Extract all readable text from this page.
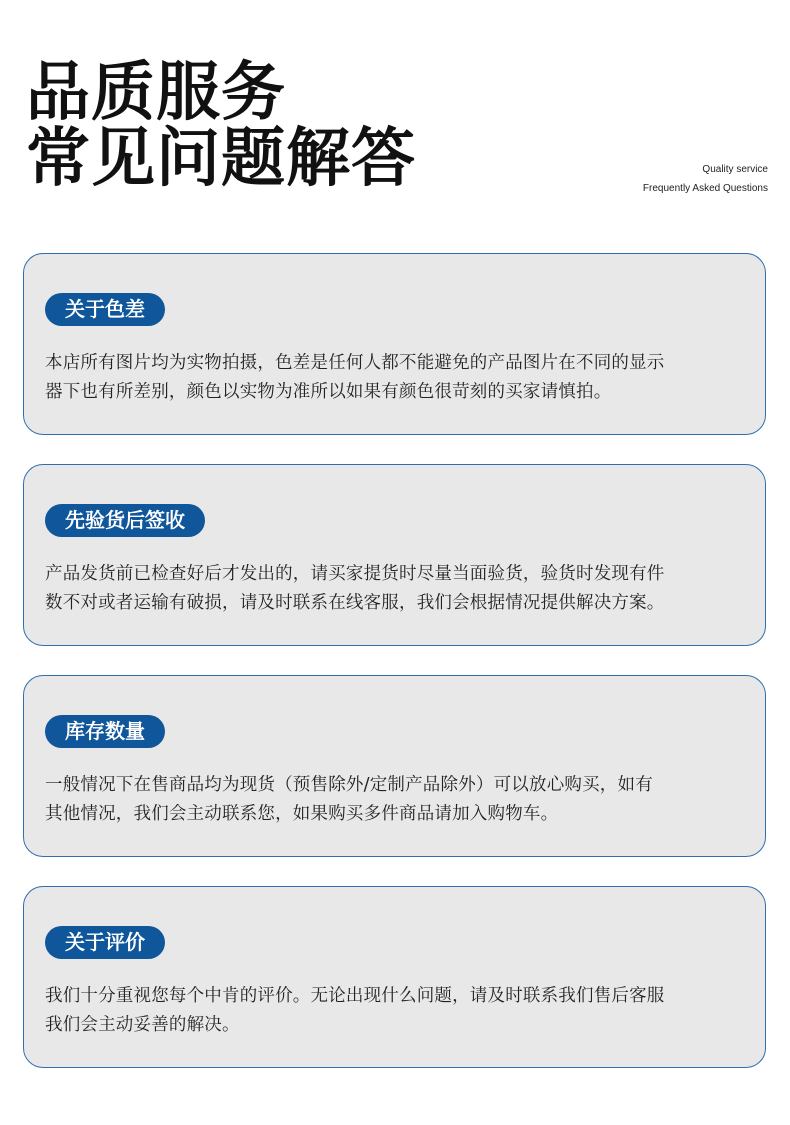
品质服务
常见问题解答	Quality service
Frequently Asked Questions
关于色差
本店所有图片均为实物拍摄，色差是任何人都不能避免的产品图片在不同的显示
器下也有所差别，颜色以实物为准所以如果有颜色很苛刻的买家请慎拍。
先验货后签收
产品发货前已检查好后才发出的，请买家提货时尽量当面验货，验货时发现有件
数不对或者运输有破损，请及时联系在线客服，我们会根据情况提供解决方案。
库存数量
一般情况下在售商品均为现货（预售除外/定制产品除外）可以放心购买，如有
其他情况，我们会主动联系您，如果购买多件商品请加入购物车。
关于评价
我们十分重视您每个中肯的评价。无论出现什么问题，请及时联系我们售后客服
我们会主动妥善的解决。
